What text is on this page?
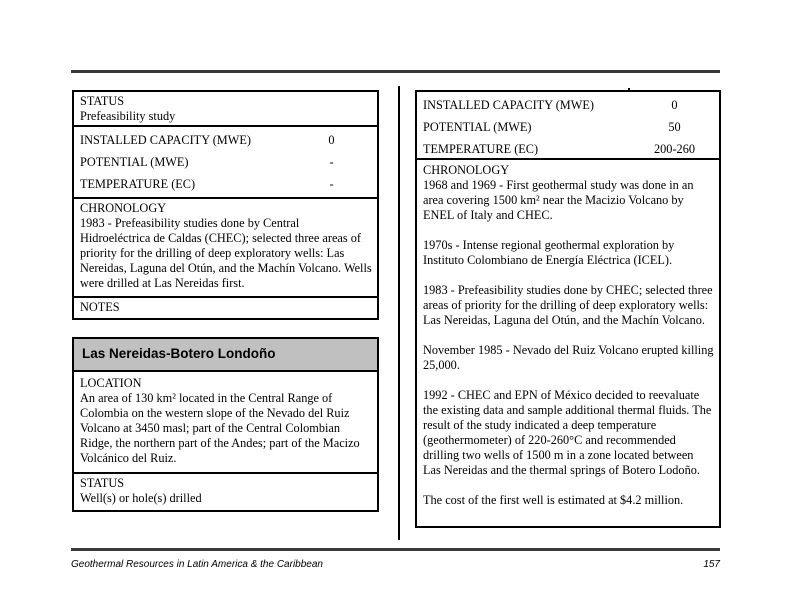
STATUS
Prefeasibility study
INSTALLED CAPACITY (MWE)	0
POTENTIAL (MWE)	-
TEMPERATURE (EC)	-
CHRONOLOGY
1983 - Prefeasibility studies done by Central Hidroeléctrica de Caldas (CHEC); selected three areas of priority for the drilling of deep exploratory wells: Las Nereidas, Laguna del Otún, and the Machín Volcano. Wells were drilled at Las Nereidas first.
NOTES
Las Nereidas-Botero Londoño
LOCATION
An area of 130 km² located in the Central Range of Colombia on the western slope of the Nevado del Ruiz Volcano at 3450 masl; part of the Central Colombian Ridge, the northern part of the Andes; part of the Macizo Volcánico del Ruiz.
STATUS
Well(s) or hole(s) drilled
INSTALLED CAPACITY (MWE)	0
POTENTIAL (MWE)	50
TEMPERATURE (EC)	200-260
CHRONOLOGY

1968 and 1969 - First geothermal study was done in an area covering 1500 km² near the Macizio Volcano by ENEL of Italy and CHEC.

1970s - Intense regional geothermal exploration by Instituto Colombiano de Energía Eléctrica (ICEL).

1983 - Prefeasibility studies done by CHEC; selected three areas of priority for the drilling of deep exploratory wells: Las Nereidas, Laguna del Otún, and the Machín Volcano.

November 1985 - Nevado del Ruiz Volcano erupted killing 25,000.

1992 - CHEC and EPN of México decided to reevaluate the existing data and sample additional thermal fluids. The result of the study indicated a deep temperature (geothermometer) of 220-260°C and recommended drilling two wells of 1500 m in a zone located between Las Nereidas and the thermal springs of Botero Lodoño.

The cost of the first well is estimated at $4.2 million.

Geothermal Resources in Latin America & the Caribbean	157
